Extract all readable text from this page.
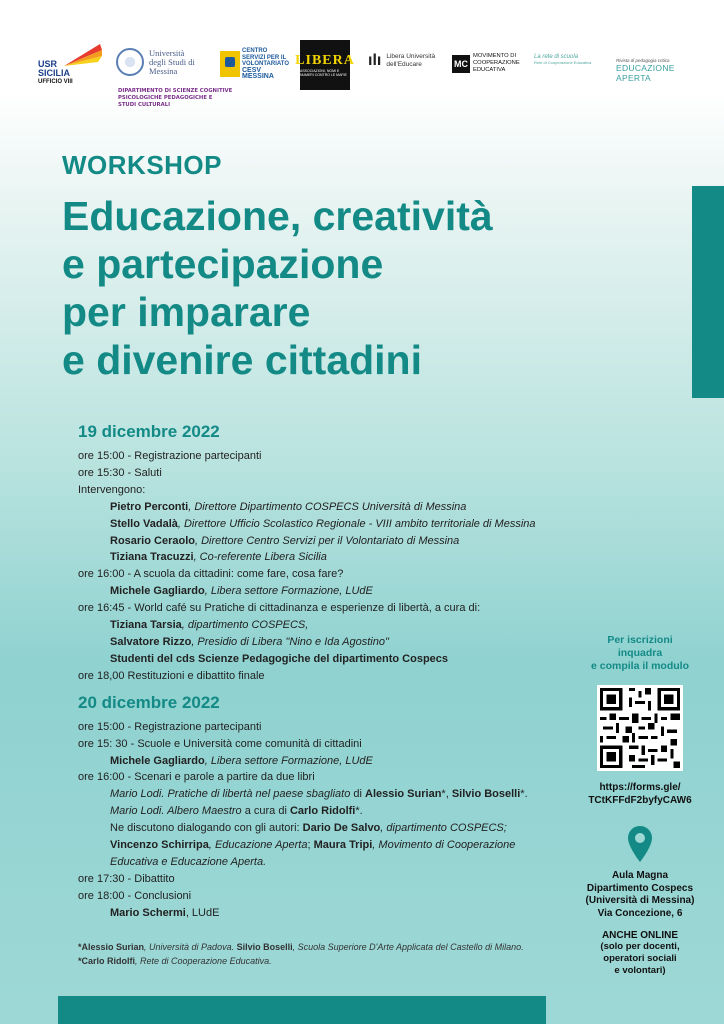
USR
SICILIA
UFFICIO VIII
Università
degli Studi di
Messina
DIPARTIMENTO DI SCIENZE COGNITIVE
PSICOLOGICHE PEDAGOGICHE E
STUDI CULTURALI
CENTRO
SERVIZI PER IL
VOLONTARIATO
CESV MESSINA
LIBERA
ASSOCIAZIONI, NOMI E NUMERI CONTRO LE MAFIE
ılı Libera Università
dell'Educare	MC
MOVIMENTO DI
COOPERAZIONE
EDUCATIVA
La rete di scuola
Rete di Cooperazione Educativa	Rivista di pedagogia critica
EDUCAZIONE APERTA
WORKSHOP
Educazione, creatività
e partecipazione
per imparare
e divenire cittadini
19 dicembre 2022
ore 15:00 - Registrazione partecipanti
ore 15:30 - Saluti
Intervengono:
Pietro Perconti, Direttore Dipartimento COSPECS Università di Messina
Stello Vadalà, Direttore Ufficio Scolastico Regionale - VIII ambito territoriale di Messina
Rosario Ceraolo, Direttore Centro Servizi per il Volontariato di Messina
Tiziana Tracuzzi, Co-referente Libera Sicilia
ore 16:00 - A scuola da cittadini: come fare, cosa fare?
Michele Gagliardo, Libera settore Formazione, LUdE
ore 16:45 - World café su Pratiche di cittadinanza e esperienze di libertà, a cura di:
Tiziana Tarsia, dipartimento COSPECS,
Salvatore Rizzo, Presidio di Libera "Nino e Ida Agostino"
Studenti del cds Scienze Pedagogiche del dipartimento Cospecs
ore 18,00 Restituzioni e dibattito finale
20 dicembre 2022
ore 15:00 - Registrazione partecipanti
ore 15: 30 - Scuole e Università come comunità di cittadini
Michele Gagliardo, Libera settore Formazione, LUdE
ore 16:00 - Scenari e parole a partire da due libri
Mario Lodi. Pratiche di libertà nel paese sbagliato di Alessio Surian*, Silvio Boselli*.
Mario Lodi. Albero Maestro a cura di Carlo Ridolfi*.
Ne discutono dialogando con gli autori: Dario De Salvo, dipartimento COSPECS;
Vincenzo Schirripa, Educazione Aperta; Maura Tripi, Movimento di Cooperazione
Educativa e Educazione Aperta.
ore 17:30 - Dibattito
ore 18:00 - Conclusioni
Mario Schermi, LUdE
*Alessio Surian, Università di Padova. Silvio Boselli, Scuola Superiore D'Arte Applicata del Castello di Milano.
*Carlo Ridolfi, Rete di Cooperazione Educativa.
Per iscrizioni
inquadra
e compila il modulo
https://forms.gle/
TCtKFFdF2byfyCAW6
Aula Magna
Dipartimento Cospecs
(Università di Messina)
Via Concezione, 6
ANCHE ONLINE
(solo per docenti,
operatori sociali
e volontari)
